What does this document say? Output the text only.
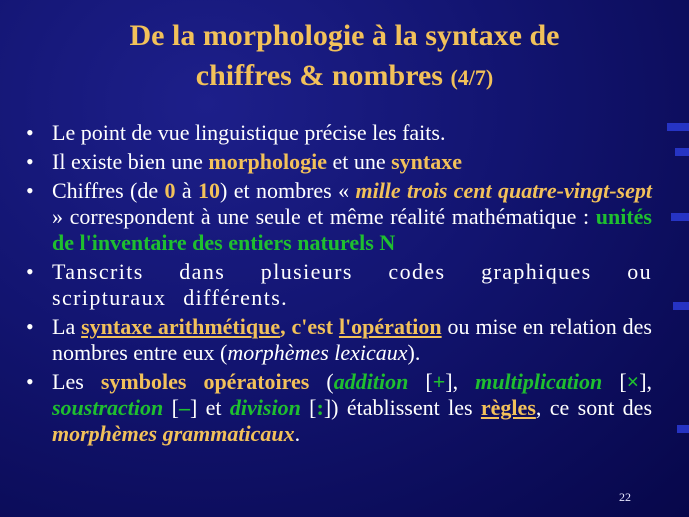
De la morphologie à la syntaxe de
chiffres & nombres (4/7)
• Le point de vue linguistique précise les faits.
• Il existe bien une morphologie et une syntaxe
• Chiffres (de 0 à 10) et nombres « mille trois cent quatre-vingt-sept » correspondent à une seule et même réalité mathématique : unités de l'inventaire des entiers naturels N
• Tanscrits dans plusieurs codes graphiques ou scripturaux différents.
• La syntaxe arithmétique, c'est l'opération ou mise en relation des nombres entre eux (morphèmes lexicaux).
• Les symboles opératoires (addition [+], multiplication [×], soustraction [–] et division [:]) établissent les règles, ce sont des morphèmes grammaticaux.
22
